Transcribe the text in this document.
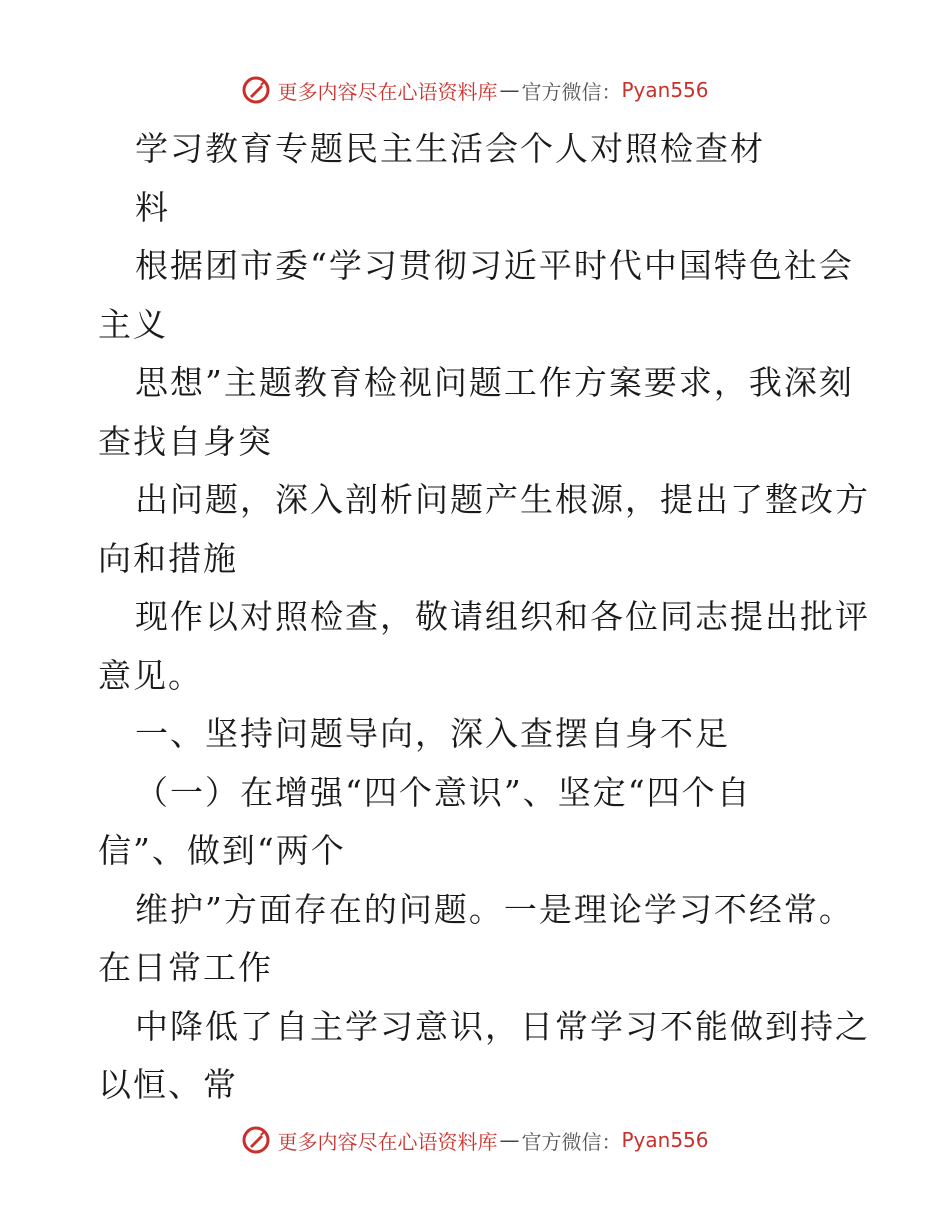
更多内容尽在心语资料库 — 官方微信： Pyan556
学习教育专题民主生活会个人对照检查材
料
根据团市委“学习贯彻习近平时代中国特色社会
主义
思想”主题教育检视问题工作方案要求，我深刻
查找自身突
出问题，深入剖析问题产生根源，提出了整改方
向和措施
现作以对照检查，敬请组织和各位同志提出批评
意见。
一、坚持问题导向，深入查摆自身不足
（一）在增强“四个意识”、坚定“四个自
信”、做到“两个
维护”方面存在的问题。一是理论学习不经常。
在日常工作
中降低了自主学习意识，日常学习不能做到持之
以恒、常
更多内容尽在心语资料库 — 官方微信： Pyan556
